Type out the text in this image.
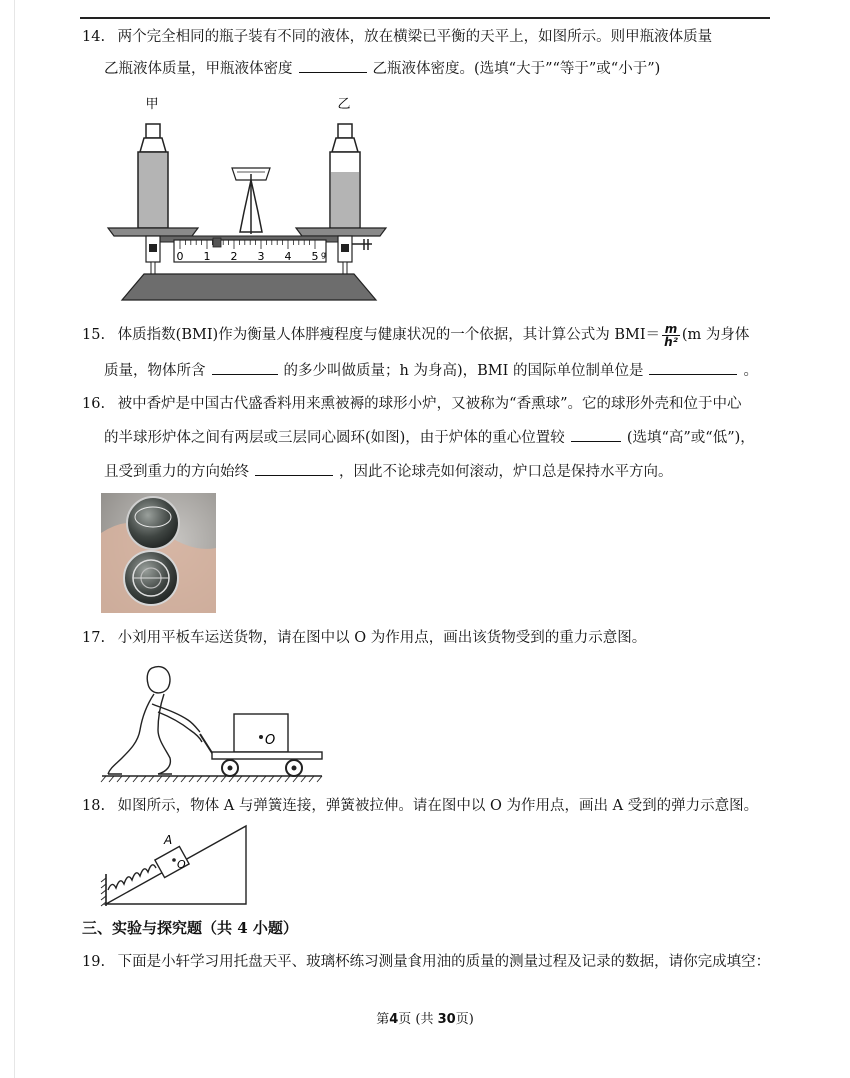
14. 两个完全相同的瓶子装有不同的液体，放在横梁已平衡的天平上，如图所示。则甲瓶液体质量
乙瓶液体质量，甲瓶液体密度	乙瓶液体密度。(选填“大于”“等于”或“小于”)
甲	乙
0 1 2 3 4 5 g
15. 体质指数(BMI)作为衡量人体胖瘦程度与健康状况的一个依据，其计算公式为 $BMI= \frac{m}{\text{h²}} (m$ 为身体
质量，物体所含	的多少叫做质量；h 为身高)，BMI 的国际单位制单位是	。
16. 被中香炉是中国古代盛香料用来熏被褥的球形小炉，又被称为“香熏球”。它的球形外壳和位于中心
的半球形炉体之间有两层或三层同心圆环(如图)，由于炉体的重心位置较	(选填“高”或“低”)，
且受到重力的方向始终	，因此不论球壳如何滚动，炉口总是保持水平方向。
17. 小刘用平板车运送货物，请在图中以 O 为作用点，画出该货物受到的重力示意图。
O
18. 如图所示，物体 A 与弹簧连接，弹簧被拉伸。请在图中以 O 为作用点，画出 A 受到的弹力示意图。
O
A
三、实验与探究题（共 4 小题）
19. 下面是小轩学习用托盘天平、玻璃杯练习测量食用油的质量的测量过程及记录的数据，请你完成填空：
第4页 (共 30页)
